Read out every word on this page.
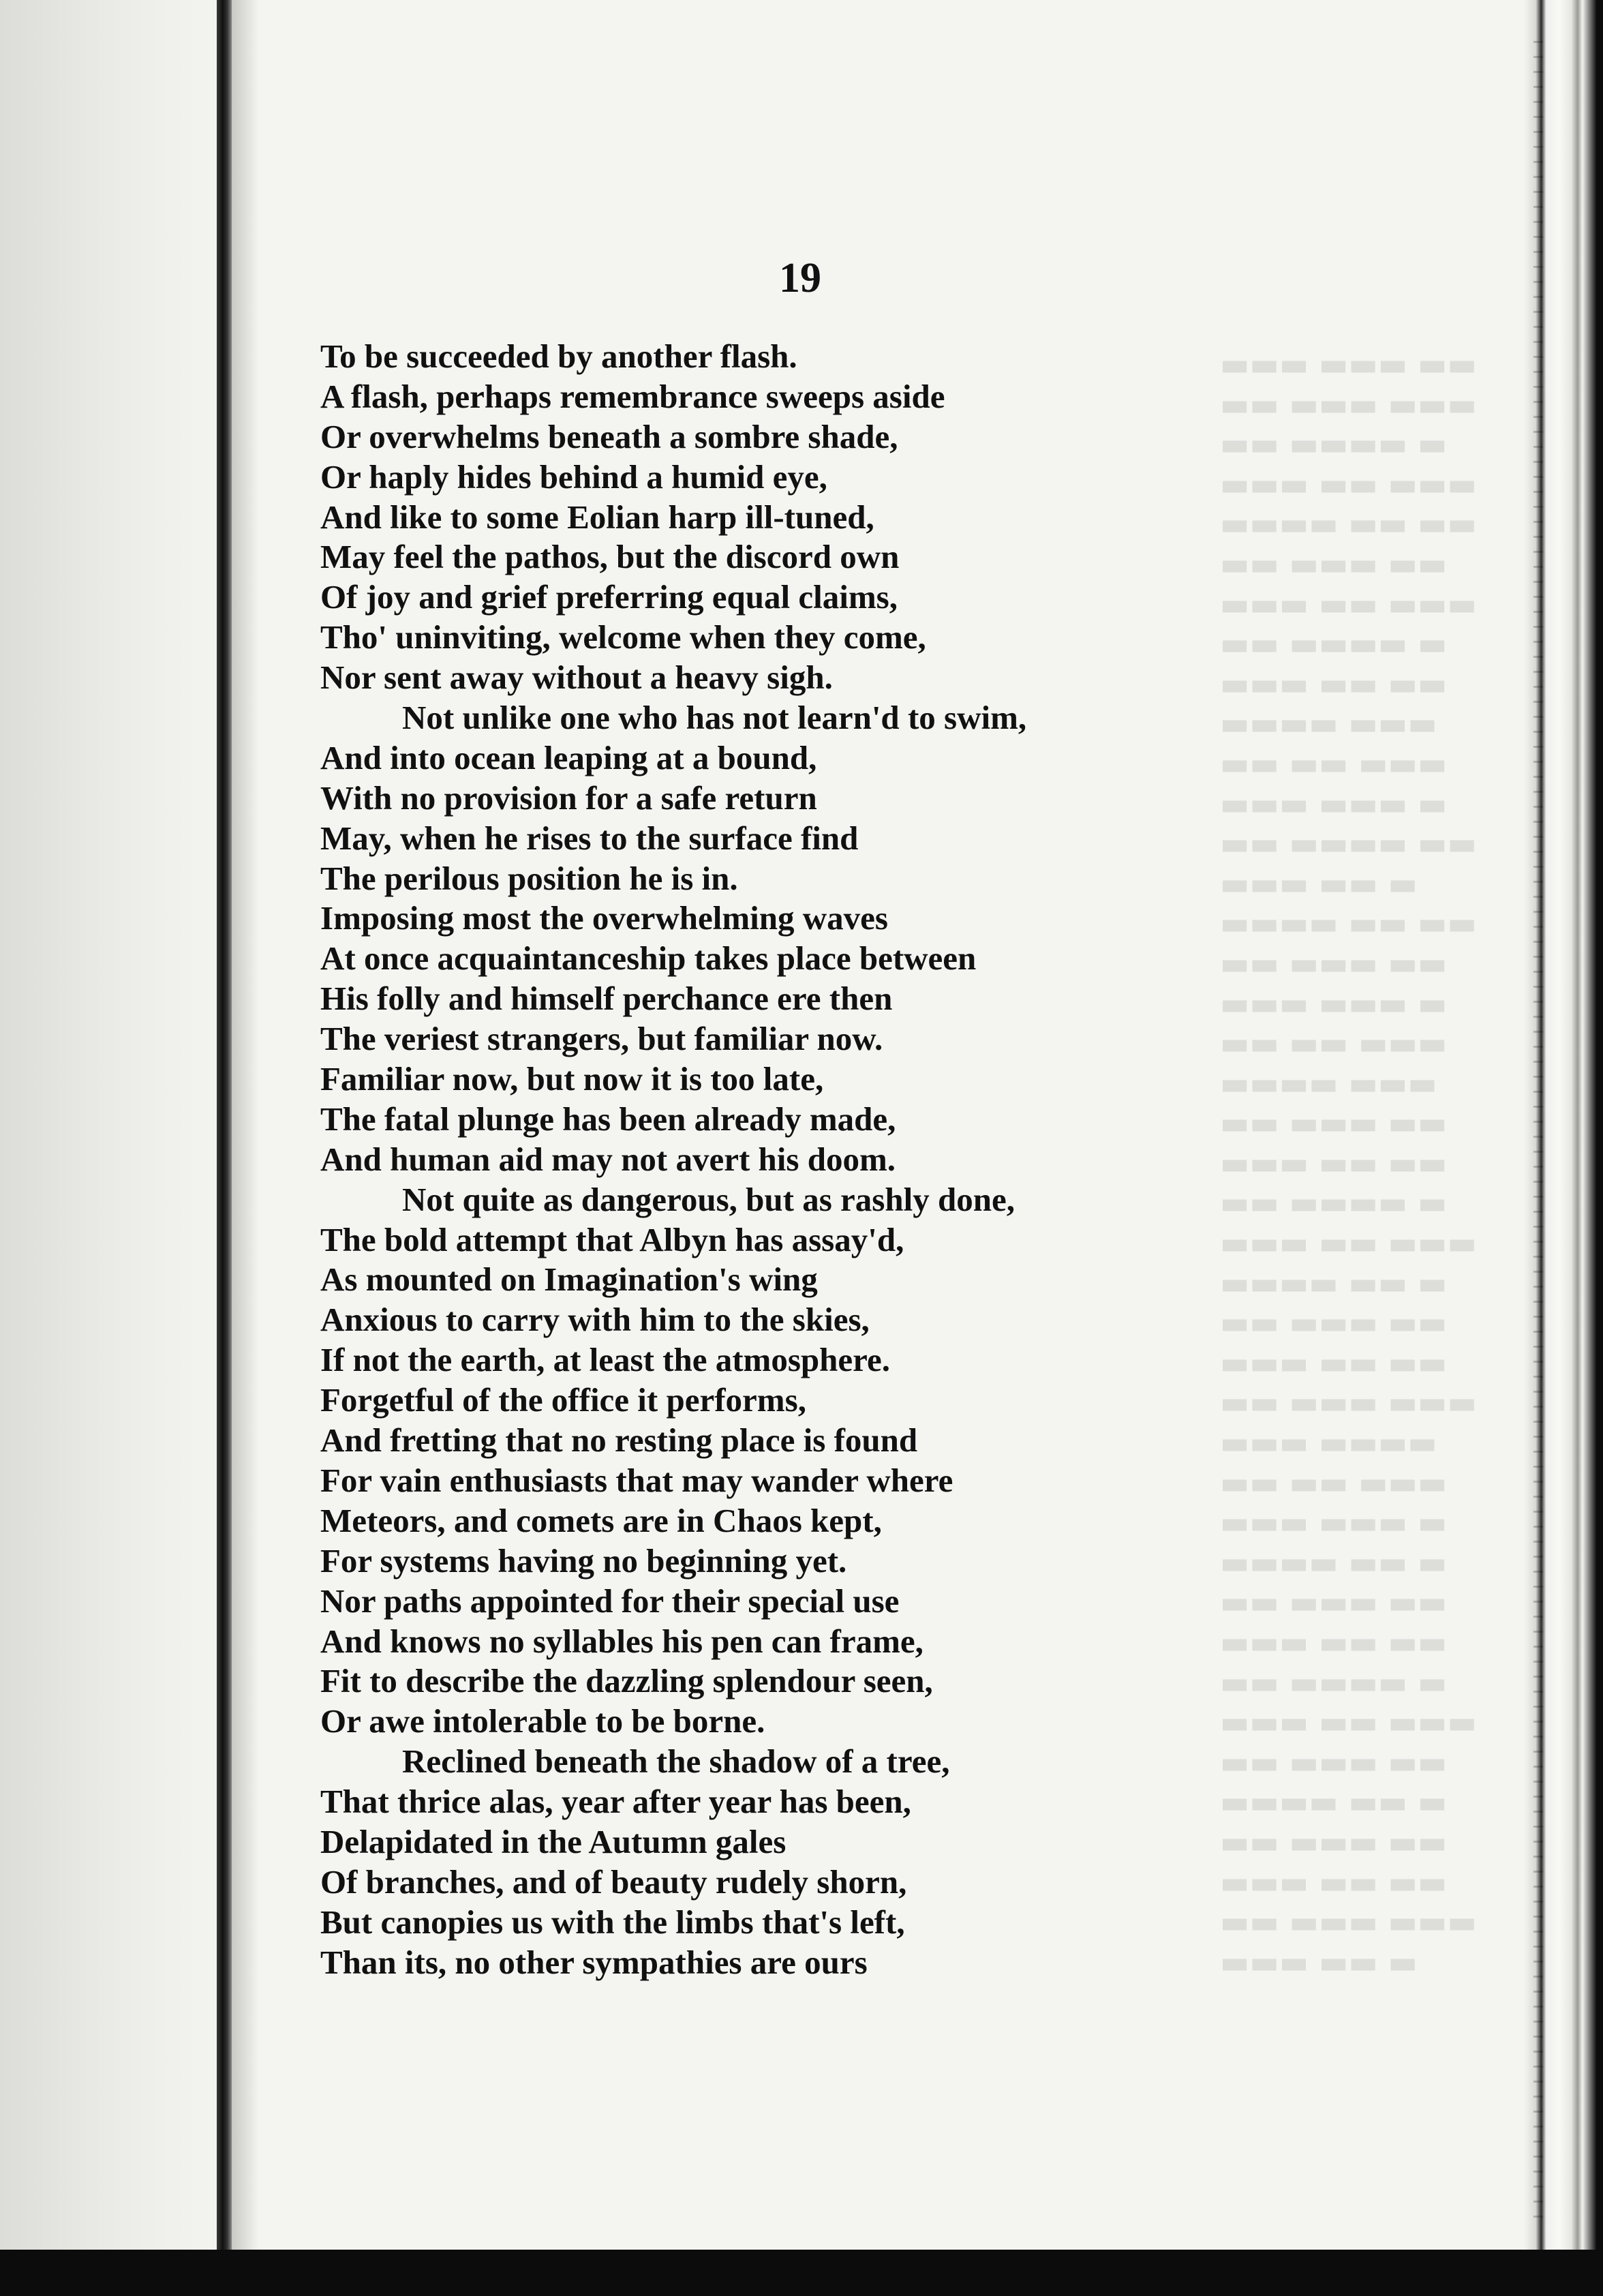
▬▬▬ ▬▬▬ ▬▬
▬▬ ▬▬▬ ▬▬▬
▬▬ ▬▬▬▬ ▬
▬▬▬ ▬▬ ▬▬▬
▬▬▬▬ ▬▬ ▬▬
▬▬ ▬▬▬ ▬▬
▬▬▬ ▬▬ ▬▬▬
▬▬ ▬▬▬▬ ▬
▬▬▬ ▬▬ ▬▬
▬▬▬▬ ▬▬▬
▬▬ ▬▬ ▬▬▬
▬▬▬ ▬▬▬ ▬
▬▬ ▬▬▬▬ ▬▬
▬▬▬ ▬▬ ▬
▬▬▬▬ ▬▬ ▬▬
▬▬ ▬▬▬ ▬▬
▬▬▬ ▬▬▬ ▬
▬▬ ▬▬ ▬▬▬
▬▬▬▬ ▬▬▬
▬▬ ▬▬▬ ▬▬
▬▬▬ ▬▬ ▬▬
▬▬ ▬▬▬▬ ▬
▬▬▬ ▬▬ ▬▬▬
▬▬▬▬ ▬▬ ▬
▬▬ ▬▬▬ ▬▬
▬▬▬ ▬▬ ▬▬
▬▬ ▬▬▬ ▬▬▬
▬▬▬ ▬▬▬▬
▬▬ ▬▬ ▬▬▬
▬▬▬ ▬▬▬ ▬
▬▬▬▬ ▬▬ ▬
▬▬ ▬▬▬ ▬▬
▬▬▬ ▬▬ ▬▬
▬▬ ▬▬▬▬ ▬
▬▬▬ ▬▬ ▬▬▬
▬▬ ▬▬▬ ▬▬
▬▬▬▬ ▬▬ ▬
▬▬ ▬▬▬ ▬▬
▬▬▬ ▬▬ ▬▬
▬▬ ▬▬▬ ▬▬▬
▬▬▬ ▬▬ ▬
19
To be succeeded by another flash.
A flash, perhaps remembrance sweeps aside
Or overwhelms beneath a sombre shade,
Or haply hides behind a humid eye,
And like to some Eolian harp ill-tuned,
May feel the pathos, but the discord own
Of joy and grief preferring equal claims,
Tho' uninviting, welcome when they come,
Nor sent away without a heavy sigh.
Not unlike one who has not learn'd to swim,
And into ocean leaping at a bound,
With no provision for a safe return
May, when he rises to the surface find
The perilous position he is in.
Imposing most the overwhelming waves
At once acquaintanceship takes place between
His folly and himself perchance ere then
The veriest strangers, but familiar now.
Familiar now, but now it is too late,
The fatal plunge has been already made,
And human aid may not avert his doom.
Not quite as dangerous, but as rashly done,
The bold attempt that Albyn has assay'd,
As mounted on Imagination's wing
Anxious to carry with him to the skies,
If not the earth, at least the atmosphere.
Forgetful of the office it performs,
And fretting that no resting place is found
For vain enthusiasts that may wander where
Meteors, and comets are in Chaos kept,
For systems having no beginning yet.
Nor paths appointed for their special use
And knows no syllables his pen can frame,
Fit to describe the dazzling splendour seen,
Or awe intolerable to be borne.
Reclined beneath the shadow of a tree,
That thrice alas, year after year has been,
Delapidated in the Autumn gales
Of branches, and of beauty rudely shorn,
But canopies us with the limbs that's left,
Than its, no other sympathies are ours
